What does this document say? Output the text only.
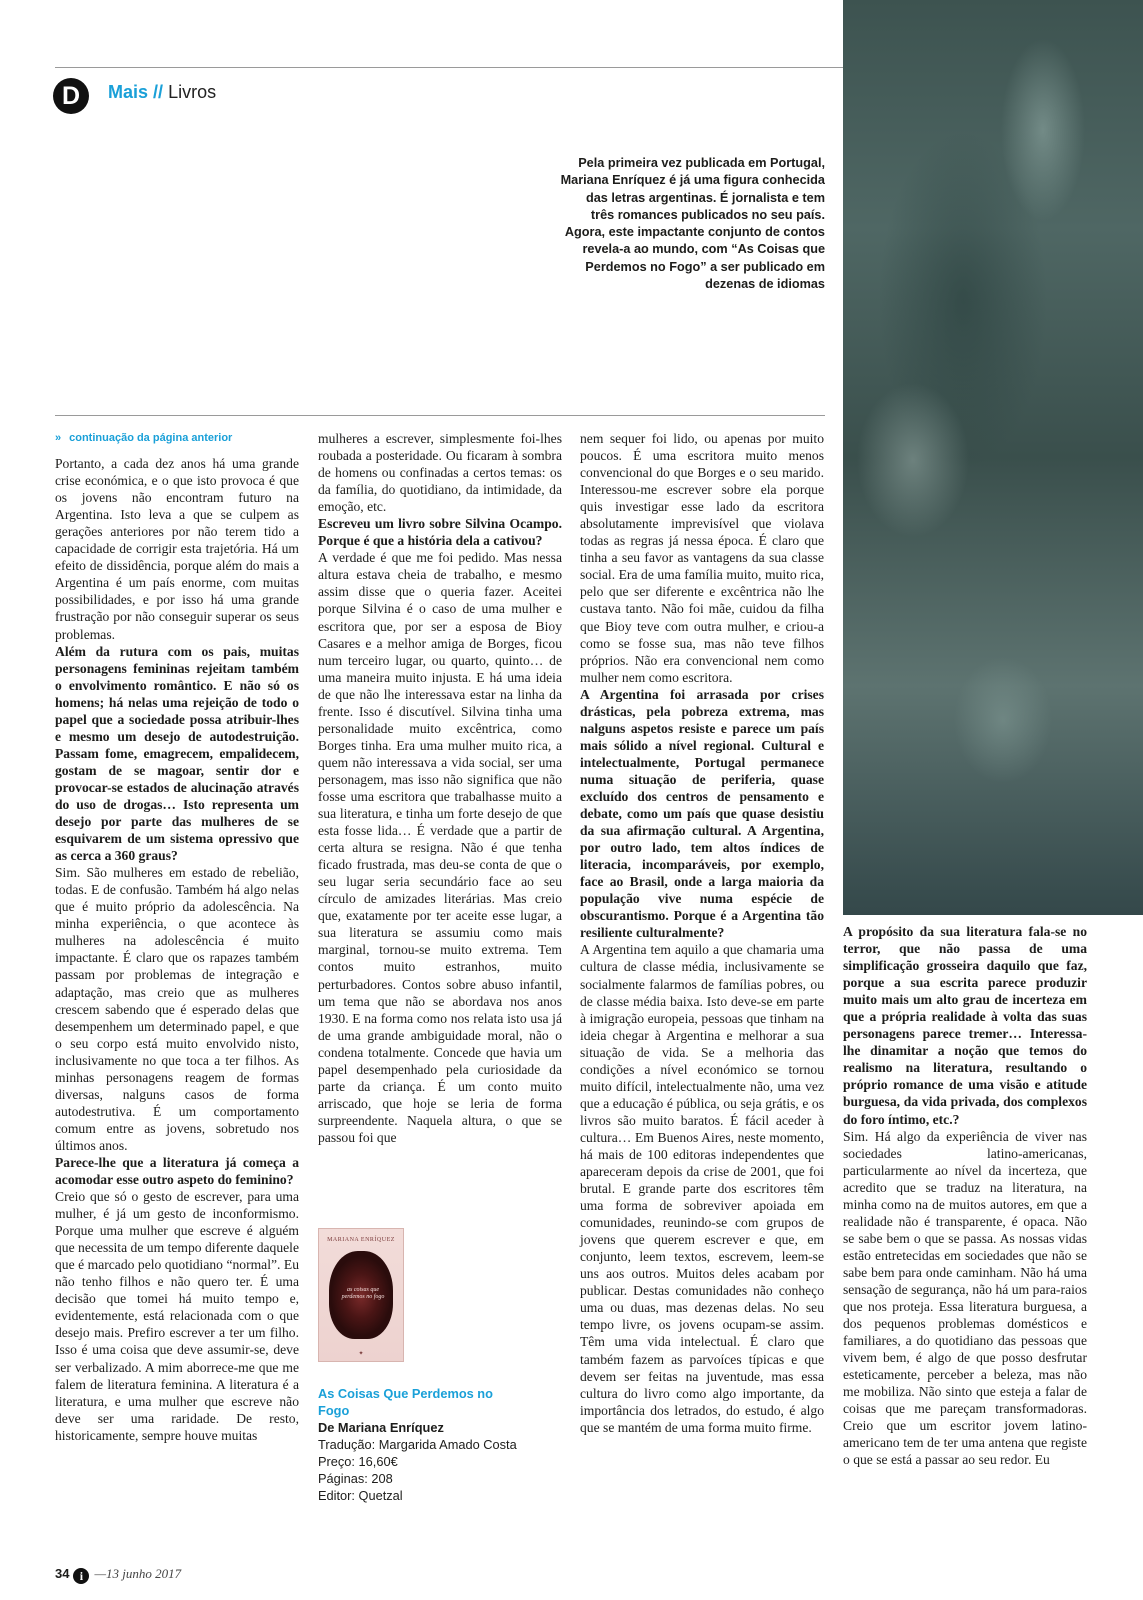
D	Mais // Livros
Pela primeira vez publicada em Portugal, Mariana Enríquez é já uma figura conhecida das letras argentinas. É jornalista e tem três romances publicados no seu país. Agora, este impactante conjunto de contos revela-a ao mundo, com “As Coisas que Perdemos no Fogo” a ser publicado em dezenas de idiomas
» continuação da página anterior

Portanto, a cada dez anos há uma grande crise económica, e o que isto provoca é que os jovens não encontram futuro na Argentina. Isto leva a que se culpem as gerações anteriores por não terem tido a capacidade de corrigir esta trajetória. Há um efeito de dissidência, porque além do mais a Argentina é um país enorme, com muitas possibilidades, e por isso há uma grande frustração por não conseguir superar os seus problemas.

Além da rutura com os pais, muitas personagens femininas rejeitam também o envolvimento romântico. E não só os homens; há nelas uma rejeição de todo o papel que a sociedade possa atribuir-lhes e mesmo um desejo de autodestruição. Passam fome, emagrecem, empalidecem, gostam de se magoar, sentir dor e provocar-se estados de alucinação através do uso de drogas… Isto representa um desejo por parte das mulheres de se esquivarem de um sistema opressivo que as cerca a 360 graus?

Sim. São mulheres em estado de rebelião, todas. E de confusão. Também há algo nelas que é muito próprio da adolescência. Na minha experiência, o que acontece às mulheres na adolescência é muito impactante. É claro que os rapazes também passam por problemas de integração e adaptação, mas creio que as mulheres crescem sabendo que é esperado delas que desempenhem um determinado papel, e que o seu corpo está muito envolvido nisto, inclusivamente no que toca a ter filhos. As minhas personagens reagem de formas diversas, nalguns casos de forma autodestrutiva. É um comportamento comum entre as jovens, sobretudo nos últimos anos.

Parece-lhe que a literatura já começa a acomodar esse outro aspeto do feminino?

Creio que só o gesto de escrever, para uma mulher, é já um gesto de inconformismo. Porque uma mulher que escreve é alguém que necessita de um tempo diferente daquele que é marcado pelo quotidiano “normal”. Eu não tenho filhos e não quero ter. É uma decisão que tomei há muito tempo e, evidentemente, está relacionada com o que desejo mais. Prefiro escrever a ter um filho. Isso é uma coisa que deve assumir-se, deve ser verbalizado. A mim aborrece-me que me falem de literatura feminina. A literatura é a literatura, e uma mulher que escreve não deve ser uma raridade. De resto, historicamente, sempre houve muitas

mulheres a escrever, simplesmente foi-lhes roubada a posteridade. Ou ficaram à sombra de homens ou confinadas a certos temas: os da família, do quotidiano, da intimidade, da emoção, etc.

Escreveu um livro sobre Silvina Ocampo. Porque é que a história dela a cativou?

A verdade é que me foi pedido. Mas nessa altura estava cheia de trabalho, e mesmo assim disse que o queria fazer. Aceitei porque Silvina é o caso de uma mulher e escritora que, por ser a esposa de Bioy Casares e a melhor amiga de Borges, ficou num terceiro lugar, ou quarto, quinto… de uma maneira muito injusta. E há uma ideia de que não lhe interessava estar na linha da frente. Isso é discutível. Silvina tinha uma personalidade muito excêntrica, como Borges tinha. Era uma mulher muito rica, a quem não interessava a vida social, ser uma personagem, mas isso não significa que não fosse uma escritora que trabalhasse muito a sua literatura, e tinha um forte desejo de que esta fosse lida… É verdade que a partir de certa altura se resigna. Não é que tenha ficado frustrada, mas deu-se conta de que o seu lugar seria secundário face ao seu círculo de amizades literárias. Mas creio que, exatamente por ter aceite esse lugar, a sua literatura se assumiu como mais marginal, tornou-se muito extrema. Tem contos muito estranhos, muito perturbadores. Contos sobre abuso infantil, um tema que não se abordava nos anos 1930. E na forma como nos relata isto usa já de uma grande ambiguidade moral, não o condena totalmente. Concede que havia um papel desempenhado pela curiosidade da parte da criança. É um conto muito arriscado, que hoje se leria de forma surpreendente. Naquela altura, o que se passou foi que

MARIANA ENRÍQUEZ
as coisas que perdemos no fogo
✦
As Coisas Que Perdemos no Fogo
De Mariana Enríquez
Tradução: Margarida Amado Costa
Preço: 16,60€
Páginas: 208
Editor: Quetzal

nem sequer foi lido, ou apenas por muito poucos. É uma escritora muito menos convencional do que Borges e o seu marido. Interessou-me escrever sobre ela porque quis investigar esse lado da escritora absolutamente imprevisível que violava todas as regras já nessa época. É claro que tinha a seu favor as vantagens da sua classe social. Era de uma família muito, muito rica, pelo que ser diferente e excêntrica não lhe custava tanto. Não foi mãe, cuidou da filha que Bioy teve com outra mulher, e criou-a como se fosse sua, mas não teve filhos próprios. Não era convencional nem como mulher nem como escritora.

A Argentina foi arrasada por crises drásticas, pela pobreza extrema, mas nalguns aspetos resiste e parece um país mais sólido a nível regional. Cultural e intelectualmente, Portugal permanece numa situação de periferia, quase excluído dos centros de pensamento e debate, como um país que quase desistiu da sua afirmação cultural. A Argentina, por outro lado, tem altos índices de literacia, incomparáveis, por exemplo, face ao Brasil, onde a larga maioria da população vive numa espécie de obscurantismo. Porque é a Argentina tão resiliente culturalmente?

A Argentina tem aquilo a que chamaria uma cultura de classe média, inclusivamente se socialmente falarmos de famílias pobres, ou de classe média baixa. Isto deve-se em parte à imigração europeia, pessoas que tinham na ideia chegar à Argentina e melhorar a sua situação de vida. Se a melhoria das condições a nível económico se tornou muito difícil, intelectualmente não, uma vez que a educação é pública, ou seja grátis, e os livros são muito baratos. É fácil aceder à cultura… Em Buenos Aires, neste momento, há mais de 100 editoras independentes que apareceram depois da crise de 2001, que foi brutal. E grande parte dos escritores têm uma forma de sobreviver apoiada em comunidades, reunindo-se com grupos de jovens que querem escrever e que, em conjunto, leem textos, escrevem, leem-se uns aos outros. Muitos deles acabam por publicar. Destas comunidades não conheço uma ou duas, mas dezenas delas. No seu tempo livre, os jovens ocupam-se assim. Têm uma vida intelectual. É claro que também fazem as parvoíces típicas e que devem ser feitas na juventude, mas essa cultura do livro como algo importante, da importância dos letrados, do estudo, é algo que se mantém de uma forma muito firme.

A propósito da sua literatura fala-se no terror, que não passa de uma simplificação grosseira daquilo que faz, porque a sua escrita parece produzir muito mais um alto grau de incerteza em que a própria realidade à volta das suas personagens parece tremer… Interessa-lhe dinamitar a noção que temos do realismo na literatura, resultando o próprio romance de uma visão e atitude burguesa, da vida privada, dos complexos do foro íntimo, etc.?

Sim. Há algo da experiência de viver nas sociedades latino-americanas, particularmente ao nível da incerteza, que acredito que se traduz na literatura, na minha como na de muitos autores, em que a realidade não é transparente, é opaca. Não se sabe bem o que se passa. As nossas vidas estão entretecidas em sociedades que não se sabe bem para onde caminham. Não há uma sensação de segurança, não há um para-raios que nos proteja. Essa literatura burguesa, a dos pequenos problemas domésticos e familiares, a do quotidiano das pessoas que vivem bem, é algo de que posso desfrutar esteticamente, perceber a beleza, mas não me mobiliza. Não sinto que esteja a falar de coisas que me pareçam transformadoras. Creio que um escritor jovem latino-americano tem de ter uma antena que registe o que se está a passar ao seu redor. Eu

34 i —13 junho 2017
